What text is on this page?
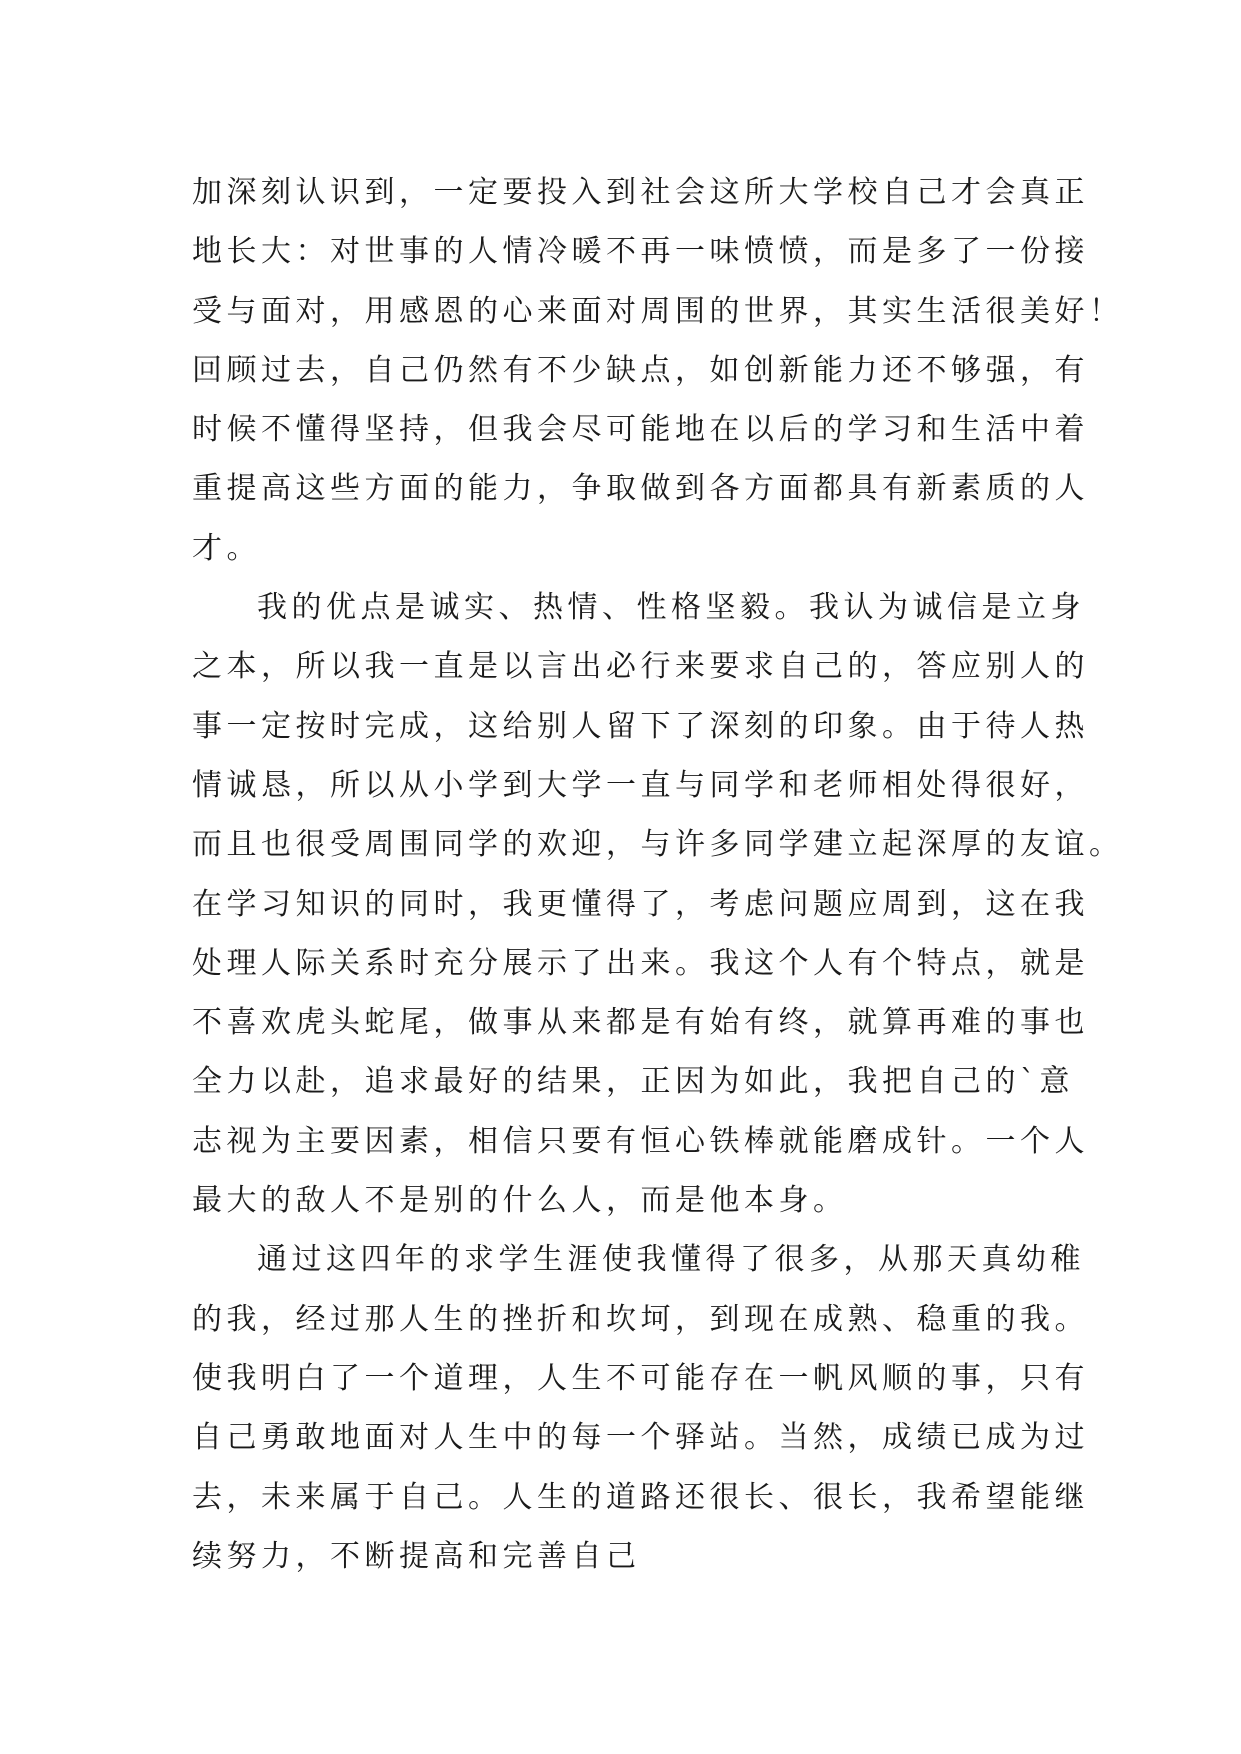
加深刻认识到，一定要投入到社会这所大学校自己才会真正
地长大：对世事的人情冷暖不再一味愤愤，而是多了一份接
受与面对，用感恩的心来面对周围的世界，其实生活很美好！
回顾过去，自己仍然有不少缺点，如创新能力还不够强，有
时候不懂得坚持，但我会尽可能地在以后的学习和生活中着
重提高这些方面的能力，争取做到各方面都具有新素质的人
才。
我的优点是诚实、热情、性格坚毅。我认为诚信是立身
之本，所以我一直是以言出必行来要求自己的，答应别人的
事一定按时完成，这给别人留下了深刻的印象。由于待人热
情诚恳，所以从小学到大学一直与同学和老师相处得很好，
而且也很受周围同学的欢迎，与许多同学建立起深厚的友谊。
在学习知识的同时，我更懂得了，考虑问题应周到，这在我
处理人际关系时充分展示了出来。我这个人有个特点，就是
不喜欢虎头蛇尾，做事从来都是有始有终，就算再难的事也
全力以赴，追求最好的结果，正因为如此，我把自己的`意
志视为主要因素，相信只要有恒心铁棒就能磨成针。一个人
最大的敌人不是别的什么人，而是他本身。
通过这四年的求学生涯使我懂得了很多，从那天真幼稚
的我，经过那人生的挫折和坎坷，到现在成熟、稳重的我。
使我明白了一个道理，人生不可能存在一帆风顺的事，只有
自己勇敢地面对人生中的每一个驿站。当然，成绩已成为过
去，未来属于自己。人生的道路还很长、很长，我希望能继
续努力，不断提高和完善自己
